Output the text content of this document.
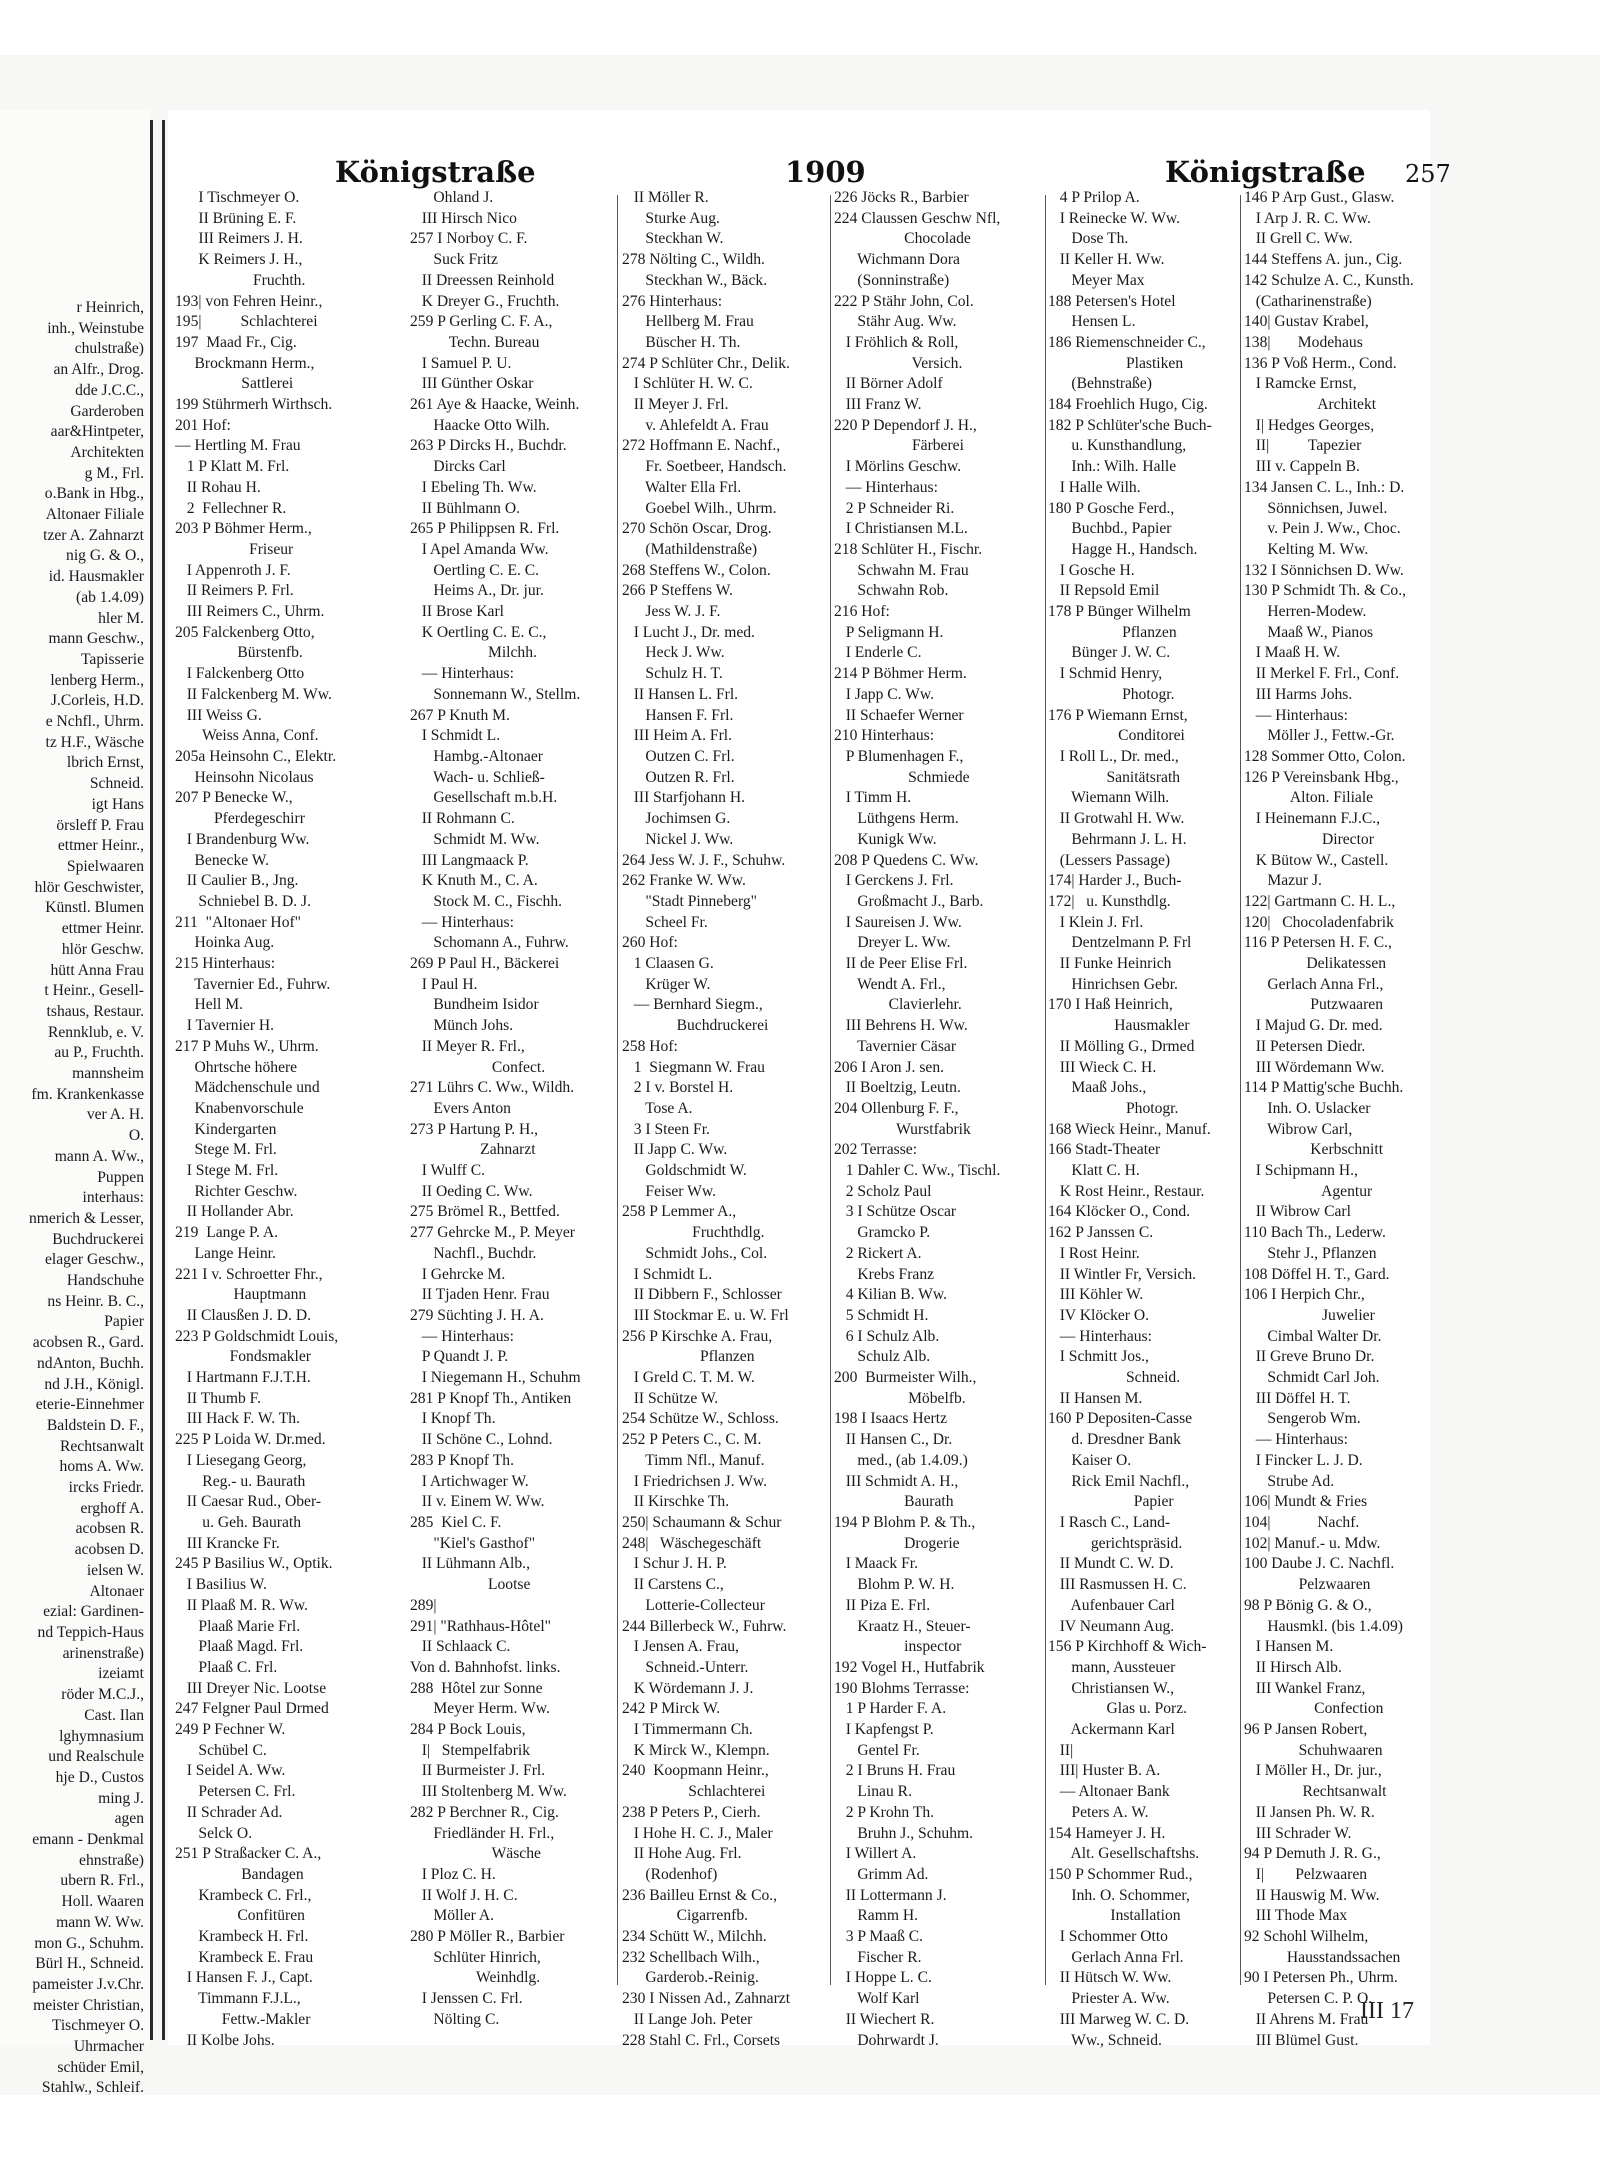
r Heinrich,
inh., Weinstube
chulstraße)
an Alfr., Drog.
dde J.C.C.,
Garderoben
aar&Hintpeter,
Architekten
g M., Frl.
o.Bank in Hbg.,
Altonaer Filiale
tzer A. Zahnarzt
nig G. & O.,
id. Hausmakler
(ab 1.4.09)
hler M.
mann Geschw.,
Tapisserie
lenberg Herm.,
J.Corleis, H.D.
e Nchfl., Uhrm.
tz H.F., Wäsche
lbrich Ernst,
Schneid.
igt Hans
örsleff P. Frau
ettmer Heinr.,
Spielwaaren
hlör Geschwister,
Künstl. Blumen
ettmer Heinr.
hlör Geschw.
hütt Anna Frau
t Heinr., Gesell-
tshaus, Restaur.
Rennklub, e. V.
au P., Fruchth.
mannsheim
fm. Krankenkasse
ver A. H.
O.
mann A. Ww.,
Puppen
interhaus:
nmerich & Lesser,
Buchdruckerei
elager Geschw.,
Handschuhe
ns Heinr. B. C.,
Papier
acobsen R., Gard.
ndAnton, Buchh.
nd J.H., Königl.
eterie-Einnehmer
Baldstein D. F.,
Rechtsanwalt
homs A. Ww.
ircks Friedr.
erghoff A.
acobsen R.
acobsen D.
ielsen W.
Altonaer
ezial: Gardinen-
nd Teppich-Haus
arinenstraße)
izeiamt
röder M.C.J.,
Cast. Ilan
lghymnasium
und Realschule
hje D., Custos
ming J.
agen
emann - Denkmal
ehnstraße)
ubern R. Frl.,
Holl. Waaren
mann W. Ww.
mon G., Schuhm.
Bürl H., Schneid.
pameister J.v.Chr.
meister Christian,
Tischmeyer O.
Uhrmacher
schüder Emil,
Stahlw., Schleif.
Königstraße	1909	Königstraße 257
I Tischmeyer O.
II Brüning E. F.
III Reimers J. H.
K Reimers J. H.,
Fruchth.
193| von Fehren Heinr.,
195|          Schlachterei
197  Maad Fr., Cig.
Brockmann Herm.,
Sattlerei
199 Stührmerh Wirthsch.
201 Hof:
— Hertling M. Frau
1 P Klatt M. Frl.
II Rohau H.
2  Fellechner R.
203 P Böhmer Herm.,
Friseur
I Appenroth J. F.
II Reimers P. Frl.
III Reimers C., Uhrm.
205 Falckenberg Otto,
Bürstenfb.
I Falckenberg Otto
II Falckenberg M. Ww.
III Weiss G.
Weiss Anna, Conf.
205a Heinsohn C., Elektr.
Heinsohn Nicolaus
207 P Benecke W.,
Pferdegeschirr
I Brandenburg Ww.
Benecke W.
II Caulier B., Jng.
Schniebel B. D. J.
211  "Altonaer Hof"
Hoinka Aug.
215 Hinterhaus:
Tavernier Ed., Fuhrw.
Hell M.
I Tavernier H.
217 P Muhs W., Uhrm.
Ohrtsche höhere
Mädchenschule und
Knabenvorschule
Kindergarten
Stege M. Frl.
I Stege M. Frl.
Richter Geschw.
II Hollander Abr.
219  Lange P. A.
Lange Heinr.
221 I v. Schroetter Fhr.,
Hauptmann
II Clausßen J. D. D.
223 P Goldschmidt Louis,
Fondsmakler
I Hartmann F.J.T.H.
II Thumb F.
III Hack F. W. Th.
225 P Loida W. Dr.med.
I Liesegang Georg,
Reg.- u. Baurath
II Caesar Rud., Ober-
u. Geh. Baurath
III Krancke Fr.
245 P Basilius W., Optik.
I Basilius W.
II Plaaß M. R. Ww.
Plaaß Marie Frl.
Plaaß Magd. Frl.
Plaaß C. Frl.
III Dreyer Nic. Lootse
247 Felgner Paul Drmed
249 P Fechner W.
Schübel C.
I Seidel A. Ww.
Petersen C. Frl.
II Schrader Ad.
Selck O.
251 P Straßacker C. A.,
Bandagen
Krambeck C. Frl.,
Confitüren
Krambeck H. Frl.
Krambeck E. Frau
I Hansen F. J., Capt.
Timmann F.J.L.,
Fettw.-Makler
II Kolbe Johs.
Ohland J.
III Hirsch Nico
257 I Norboy C. F.
Suck Fritz
II Dreessen Reinhold
K Dreyer G., Fruchth.
259 P Gerling C. F. A.,
Techn. Bureau
I Samuel P. U.
III Günther Oskar
261 Aye & Haacke, Weinh.
Haacke Otto Wilh.
263 P Dircks H., Buchdr.
Dircks Carl
I Ebeling Th. Ww.
II Bühlmann O.
265 P Philippsen R. Frl.
I Apel Amanda Ww.
Oertling C. E. C.
Heims A., Dr. jur.
II Brose Karl
K Oertling C. E. C.,
Milchh.
— Hinterhaus:
Sonnemann W., Stellm.
267 P Knuth M.
I Schmidt L.
Hambg.-Altonaer
Wach- u. Schließ-
Gesellschaft m.b.H.
II Rohmann C.
Schmidt M. Ww.
III Langmaack P.
K Knuth M., C. A.
Stock M. C., Fischh.
— Hinterhaus:
Schomann A., Fuhrw.
269 P Paul H., Bäckerei
I Paul H.
Bundheim Isidor
Münch Johs.
II Meyer R. Frl.,
Confect.
271 Lührs C. Ww., Wildh.
Evers Anton
273 P Hartung P. H.,
Zahnarzt
I Wulff C.
II Oeding C. Ww.
275 Brömel R., Bettfed.
277 Gehrcke M., P. Meyer
Nachfl., Buchdr.
I Gehrcke M.
II Tjaden Henr. Frau
279 Süchting J. H. A.
— Hinterhaus:
P Quandt J. P.
I Niegemann H., Schuhm
281 P Knopf Th., Antiken
I Knopf Th.
II Schöne C., Lohnd.
283 P Knopf Th.
I Artichwager W.
II v. Einem W. Ww.
285  Kiel C. F.
"Kiel's Gasthof"
II Lühmann Alb.,
Lootse
289|
291| "Rathhaus-Hôtel"
II Schlaack C.
Von d. Bahnhofst. links.
288  Hôtel zur Sonne
Meyer Herm. Ww.
284 P Bock Louis,
I|   Stempelfabrik
II Burmeister J. Frl.
III Stoltenberg M. Ww.
282 P Berchner R., Cig.
Friedländer H. Frl.,
Wäsche
I Ploz C. H.
II Wolf J. H. C.
Möller A.
280 P Möller R., Barbier
Schlüter Hinrich,
Weinhdlg.
I Jenssen C. Frl.
Nölting C.
II Möller R.
Sturke Aug.
Steckhan W.
278 Nölting C., Wildh.
Steckhan W., Bäck.
276 Hinterhaus:
Hellberg M. Frau
Büscher H. Th.
274 P Schlüter Chr., Delik.
I Schlüter H. W. C.
II Meyer J. Frl.
v. Ahlefeldt A. Frau
272 Hoffmann E. Nachf.,
Fr. Soetbeer, Handsch.
Walter Ella Frl.
Goebel Wilh., Uhrm.
270 Schön Oscar, Drog.
(Mathildenstraße)
268 Steffens W., Colon.
266 P Steffens W.
Jess W. J. F.
I Lucht J., Dr. med.
Heck J. Ww.
Schulz H. T.
II Hansen L. Frl.
Hansen F. Frl.
III Heim A. Frl.
Outzen C. Frl.
Outzen R. Frl.
III Starfjohann H.
Jochimsen G.
Nickel J. Ww.
264 Jess W. J. F., Schuhw.
262 Franke W. Ww.
"Stadt Pinneberg"
Scheel Fr.
260 Hof:
1 Claasen G.
Krüger W.
— Bernhard Siegm.,
Buchdruckerei
258 Hof:
1  Siegmann W. Frau
2 I v. Borstel H.
Tose A.
3 I Steen Fr.
II Japp C. Ww.
Goldschmidt W.
Feiser Ww.
258 P Lemmer A.,
Fruchthdlg.
Schmidt Johs., Col.
I Schmidt L.
II Dibbern F., Schlosser
III Stockmar E. u. W. Frl
256 P Kirschke A. Frau,
Pflanzen
I Greld C. T. M. W.
II Schütze W.
254 Schütze W., Schloss.
252 P Peters C., C. M.
Timm Nfl., Manuf.
I Friedrichsen J. Ww.
II Kirschke Th.
250| Schaumann & Schur
248|   Wäschegeschäft
I Schur J. H. P.
II Carstens C.,
Lotterie-Collecteur
244 Billerbeck W., Fuhrw.
I Jensen A. Frau,
Schneid.-Unterr.
K Wördemann J. J.
242 P Mirck W.
I Timmermann Ch.
K Mirck W., Klempn.
240  Koopmann Heinr.,
Schlachterei
238 P Peters P., Cierh.
I Hohe H. C. J., Maler
II Hohe Aug. Frl.
(Rodenhof)
236 Bailleu Ernst & Co.,
Cigarrenfb.
234 Schütt W., Milchh.
232 Schellbach Wilh.,
Garderob.-Reinig.
230 I Nissen Ad., Zahnarzt
II Lange Joh. Peter
228 Stahl C. Frl., Corsets
226 Jöcks R., Barbier
224 Claussen Geschw Nfl,
Chocolade
Wichmann Dora
(Sonninstraße)
222 P Stähr John, Col.
Stähr Aug. Ww.
I Fröhlich & Roll,
Versich.
II Börner Adolf
III Franz W.
220 P Dependorf J. H.,
Färberei
I Mörlins Geschw.
— Hinterhaus:
2 P Schneider Ri.
I Christiansen M.L.
218 Schlüter H., Fischr.
Schwahn M. Frau
Schwahn Rob.
216 Hof:
P Seligmann H.
I Enderle C.
214 P Böhmer Herm.
I Japp C. Ww.
II Schaefer Werner
210 Hinterhaus:
P Blumenhagen F.,
Schmiede
I Timm H.
Lüthgens Herm.
Kunigk Ww.
208 P Quedens C. Ww.
I Gerckens J. Frl.
Großmacht J., Barb.
I Saureisen J. Ww.
Dreyer L. Ww.
II de Peer Elise Frl.
Wendt A. Frl.,
Clavierlehr.
III Behrens H. Ww.
Tavernier Cäsar
206 I Aron J. sen.
II Boeltzig, Leutn.
204 Ollenburg F. F.,
Wurstfabrik
202 Terrasse:
1 Dahler C. Ww., Tischl.
2 Scholz Paul
3 I Schütze Oscar
Gramcko P.
2 Rickert A.
Krebs Franz
4 Kilian B. Ww.
5 Schmidt H.
6 I Schulz Alb.
Schulz Alb.
200  Burmeister Wilh.,
Möbelfb.
198 I Isaacs Hertz
II Hansen C., Dr.
med., (ab 1.4.09.)
III Schmidt A. H.,
Baurath
194 P Blohm P. & Th.,
Drogerie
I Maack Fr.
Blohm P. W. H.
II Piza E. Frl.
Kraatz H., Steuer-
inspector
192 Vogel H., Hutfabrik
190 Blohms Terrasse:
1 P Harder F. A.
I Kapfengst P.
Gentel Fr.
2 I Bruns H. Frau
Linau R.
2 P Krohn Th.
Bruhn J., Schuhm.
I Willert A.
Grimm Ad.
II Lottermann J.
Ramm H.
3 P Maaß C.
Fischer R.
I Hoppe L. C.
Wolf Karl
II Wiechert R.
Dohrwardt J.
4 P Prilop A.
I Reinecke W. Ww.
Dose Th.
II Keller H. Ww.
Meyer Max
188 Petersen's Hotel
Hensen L.
186 Riemenschneider C.,
Plastiken
(Behnstraße)
184 Froehlich Hugo, Cig.
182 P Schlüter'sche Buch-
u. Kunsthandlung,
Inh.: Wilh. Halle
I Halle Wilh.
180 P Gosche Ferd.,
Buchbd., Papier
Hagge H., Handsch.
I Gosche H.
II Repsold Emil
178 P Bünger Wilhelm
Pflanzen
Bünger J. W. C.
I Schmid Henry,
Photogr.
176 P Wiemann Ernst,
Conditorei
I Roll L., Dr. med.,
Sanitätsrath
Wiemann Wilh.
II Grotwahl H. Ww.
Behrmann J. L. H.
(Lessers Passage)
174| Harder J., Buch-
172|   u. Kunsthdlg.
I Klein J. Frl.
Dentzelmann P. Frl
II Funke Heinrich
Hinrichsen Gebr.
170 I Haß Heinrich,
Hausmakler
II Mölling G., Drmed
III Wieck C. H.
Maaß Johs.,
Photogr.
168 Wieck Heinr., Manuf.
166 Stadt-Theater
Klatt C. H.
K Rost Heinr., Restaur.
164 Klöcker O., Cond.
162 P Janssen C.
I Rost Heinr.
II Wintler Fr, Versich.
III Köhler W.
IV Klöcker O.
— Hinterhaus:
I Schmitt Jos.,
Schneid.
II Hansen M.
160 P Depositen-Casse
d. Dresdner Bank
Kaiser O.
Rick Emil Nachfl.,
Papier
I Rasch C., Land-
gerichtspräsid.
II Mundt C. W. D.
III Rasmussen H. C.
Aufenbauer Carl
IV Neumann Aug.
156 P Kirchhoff & Wich-
mann, Aussteuer
Christiansen W.,
Glas u. Porz.
Ackermann Karl
II|
III| Huster B. A.
— Altonaer Bank
Peters A. W.
154 Hameyer J. H.
Alt. Gesellschaftshs.
150 P Schommer Rud.,
Inh. O. Schommer,
Installation
I Schommer Otto
Gerlach Anna Frl.
II Hütsch W. Ww.
Priester A. Ww.
III Marweg W. C. D.
Ww., Schneid.
146 P Arp Gust., Glasw.
I Arp J. R. C. Ww.
II Grell C. Ww.
144 Steffens A. jun., Cig.
142 Schulze A. C., Kunsth.
(Catharinenstraße)
140| Gustav Krabel,
138|       Modehaus
136 P Voß Herm., Cond.
I Ramcke Ernst,
Architekt
I| Hedges Georges,
II|          Tapezier
III v. Cappeln B.
134 Jansen C. L., Inh.: D.
Sönnichsen, Juwel.
v. Pein J. Ww., Choc.
Kelting M. Ww.
132 I Sönnichsen D. Ww.
130 P Schmidt Th. & Co.,
Herren-Modew.
Maaß W., Pianos
I Maaß H. W.
II Merkel F. Frl., Conf.
III Harms Johs.
— Hinterhaus:
Möller J., Fettw.-Gr.
128 Sommer Otto, Colon.
126 P Vereinsbank Hbg.,
Alton. Filiale
I Heinemann F.J.C.,
Director
K Bütow W., Castell.
Mazur J.
122| Gartmann C. H. L.,
120|   Chocoladenfabrik
116 P Petersen H. F. C.,
Delikatessen
Gerlach Anna Frl.,
Putzwaaren
I Majud G. Dr. med.
II Petersen Diedr.
III Wördemann Ww.
114 P Mattig'sche Buchh.
Inh. O. Uslacker
Wibrow Carl,
Kerbschnitt
I Schipmann H.,
Agentur
II Wibrow Carl
110 Bach Th., Lederw.
Stehr J., Pflanzen
108 Döffel H. T., Gard.
106 I Herpich Chr.,
Juwelier
Cimbal Walter Dr.
II Greve Bruno Dr.
Schmidt Carl Joh.
III Döffel H. T.
Sengerob Wm.
— Hinterhaus:
I Fincker L. J. D.
Strube Ad.
106| Mundt & Fries
104|            Nachf.
102| Manuf.- u. Mdw.
100 Daube J. C. Nachfl.
Pelzwaaren
98 P Bönig G. & O.,
Hausmkl. (bis 1.4.09)
I Hansen M.
II Hirsch Alb.
III Wankel Franz,
Confection
96 P Jansen Robert,
Schuhwaaren
I Möller H., Dr. jur.,
Rechtsanwalt
II Jansen Ph. W. R.
III Schrader W.
94 P Demuth J. R. G.,
I|        Pelzwaaren
II Hauswig M. Ww.
III Thode Max
92 Schohl Wilhelm,
Hausstandssachen
90 I Petersen Ph., Uhrm.
Petersen C. P. O.
II Ahrens M. Frau
III Blümel Gust.
III 17
